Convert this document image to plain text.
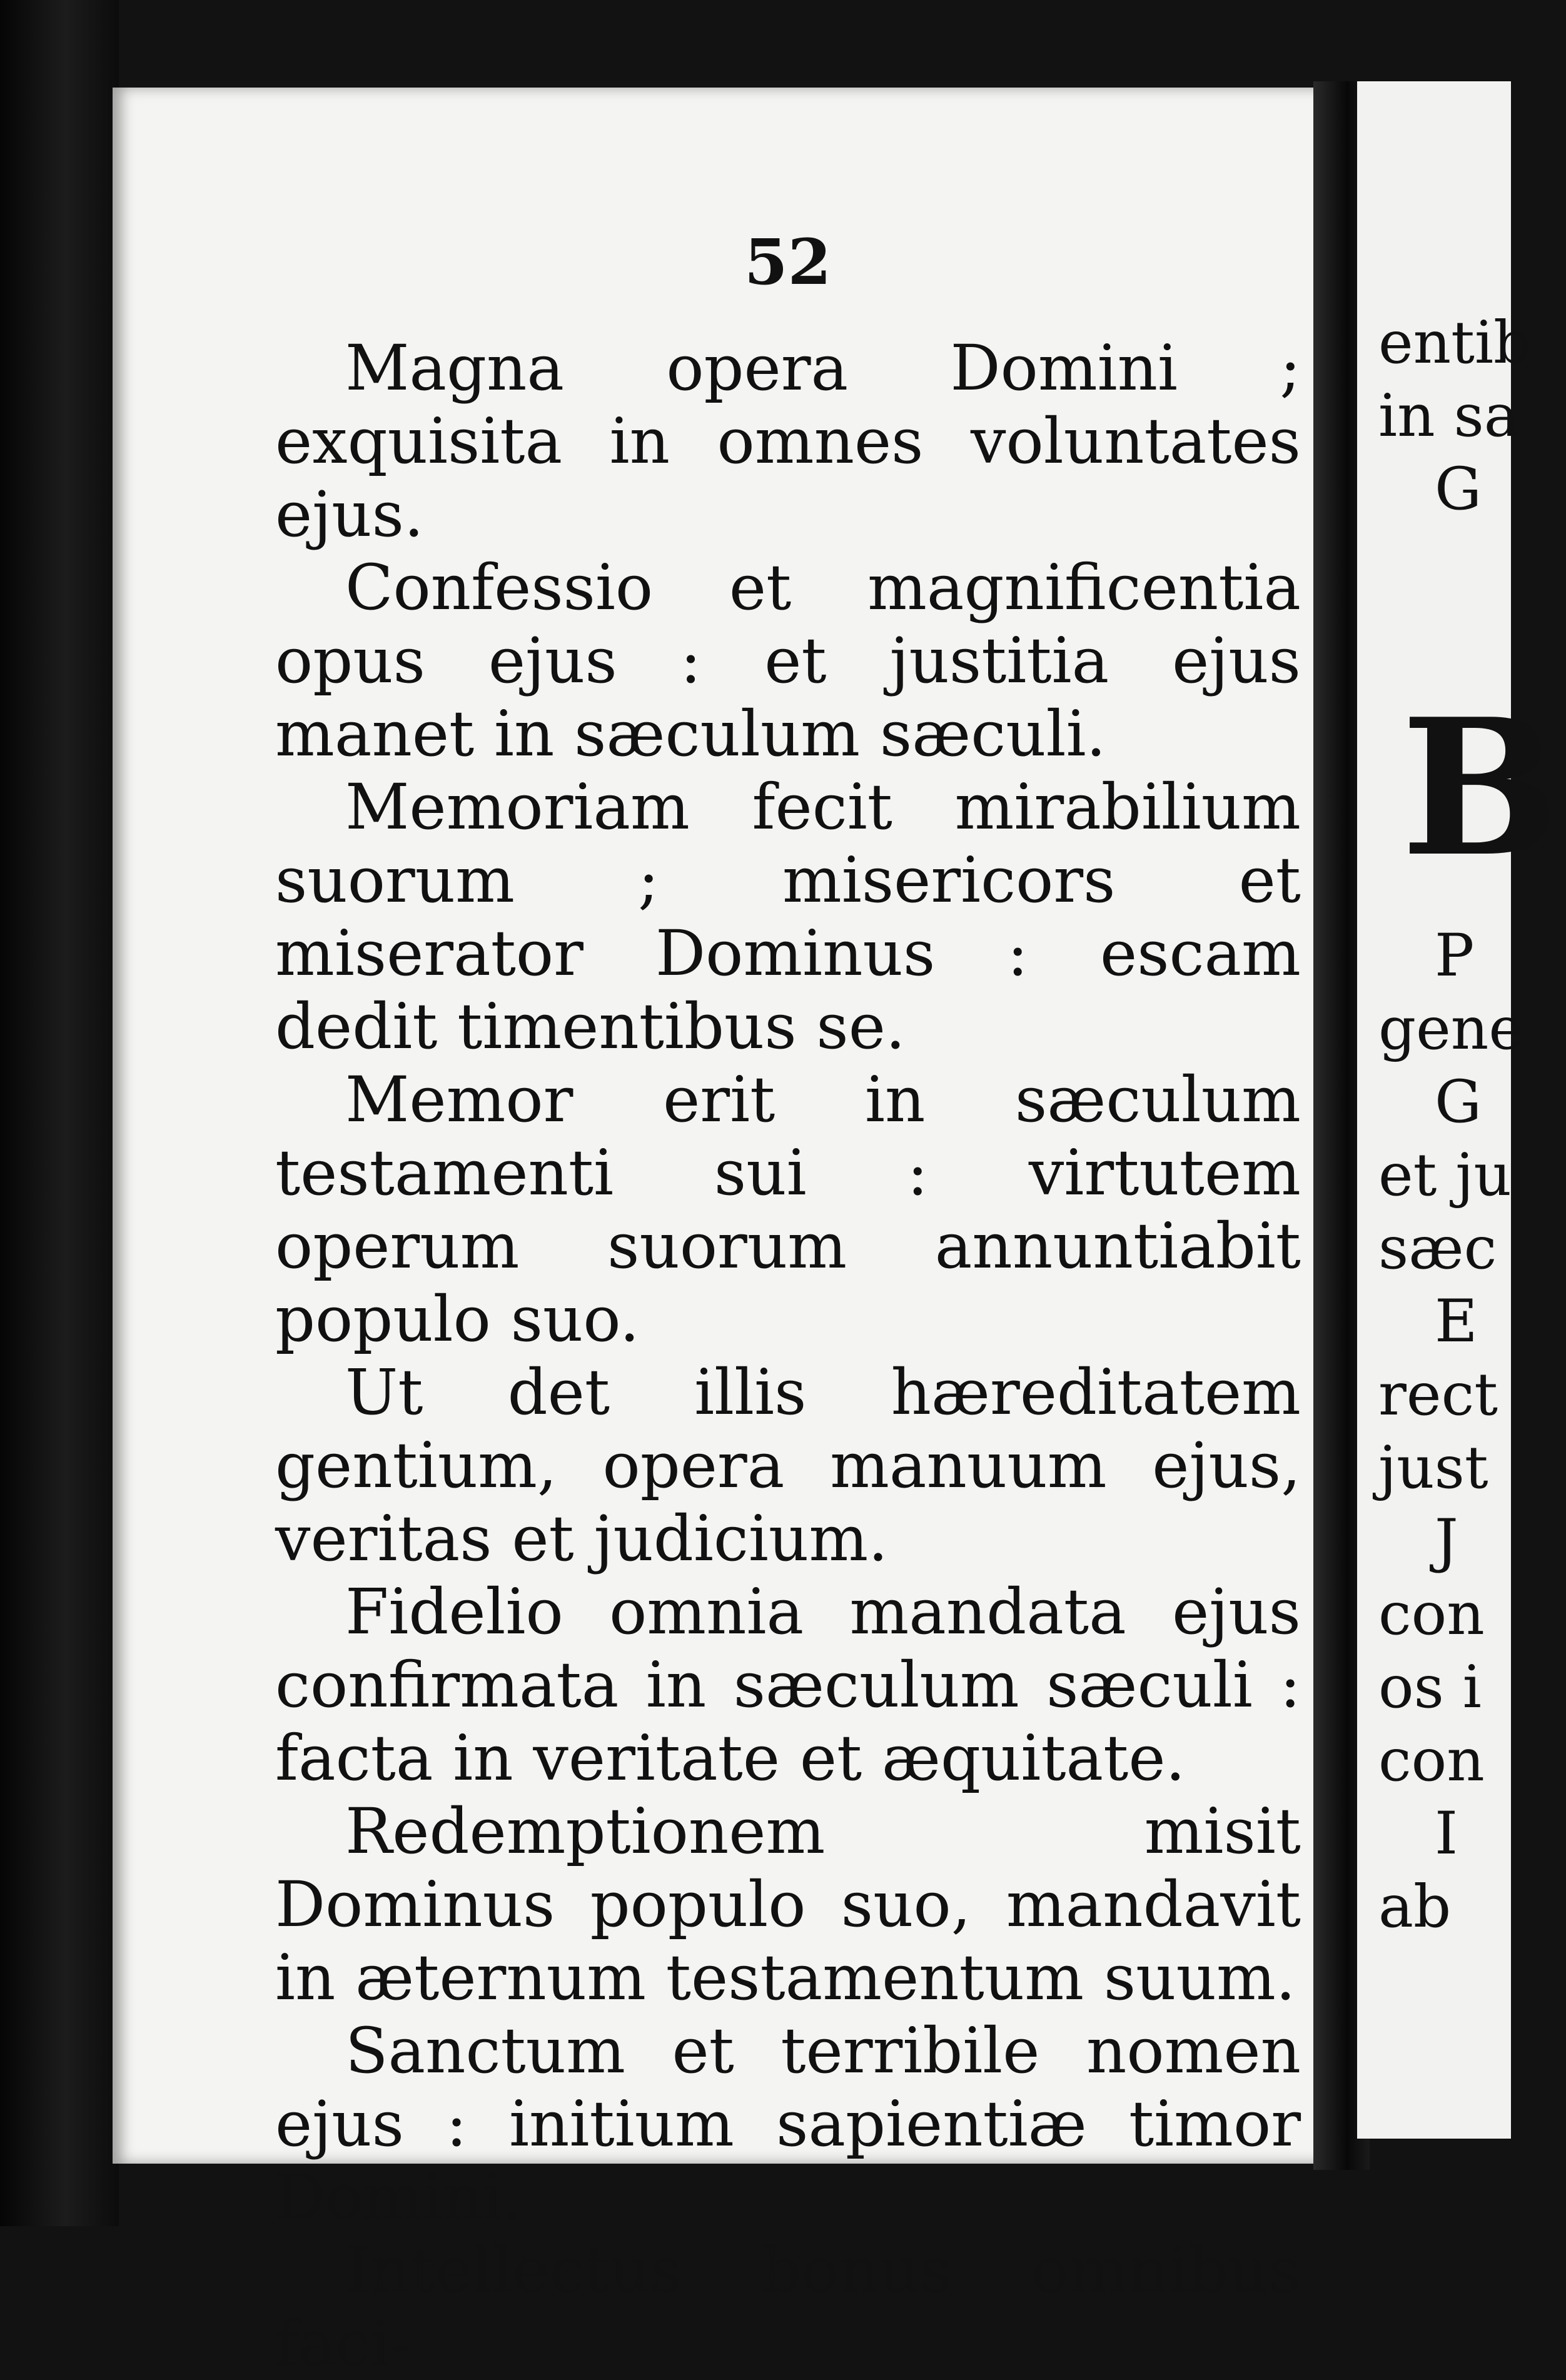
52

Magna opera Domini ; exquisita in omnes voluntates ejus.

Confessio et magnificentia opus ejus : et justitia ejus manet in sæculum sæculi.

Memoriam fecit mirabilium suorum ; misericors et miserator Dominus : escam dedit timentibus se.

Memor erit in sæculum testamenti sui : virtutem operum suorum annuntiabit populo suo.

Ut det illis hæreditatem gentium, opera manuum ejus, veritas et judicium.

Fidelio omnia mandata ejus confirmata in sæculum sæculi : facta in veritate et æquitate.

Redemptionem misit Dominus populo suo, mandavit in æternum testamentum suum.

Sanctum et terribile nomen ejus : initium sapientiæ timor Domini.

Intellectus bonus omnibus faci-

entib
in sa
G
B
P
gene
G
et ju
sæc
E
rect
just
J
con
os i
con
I
ab
